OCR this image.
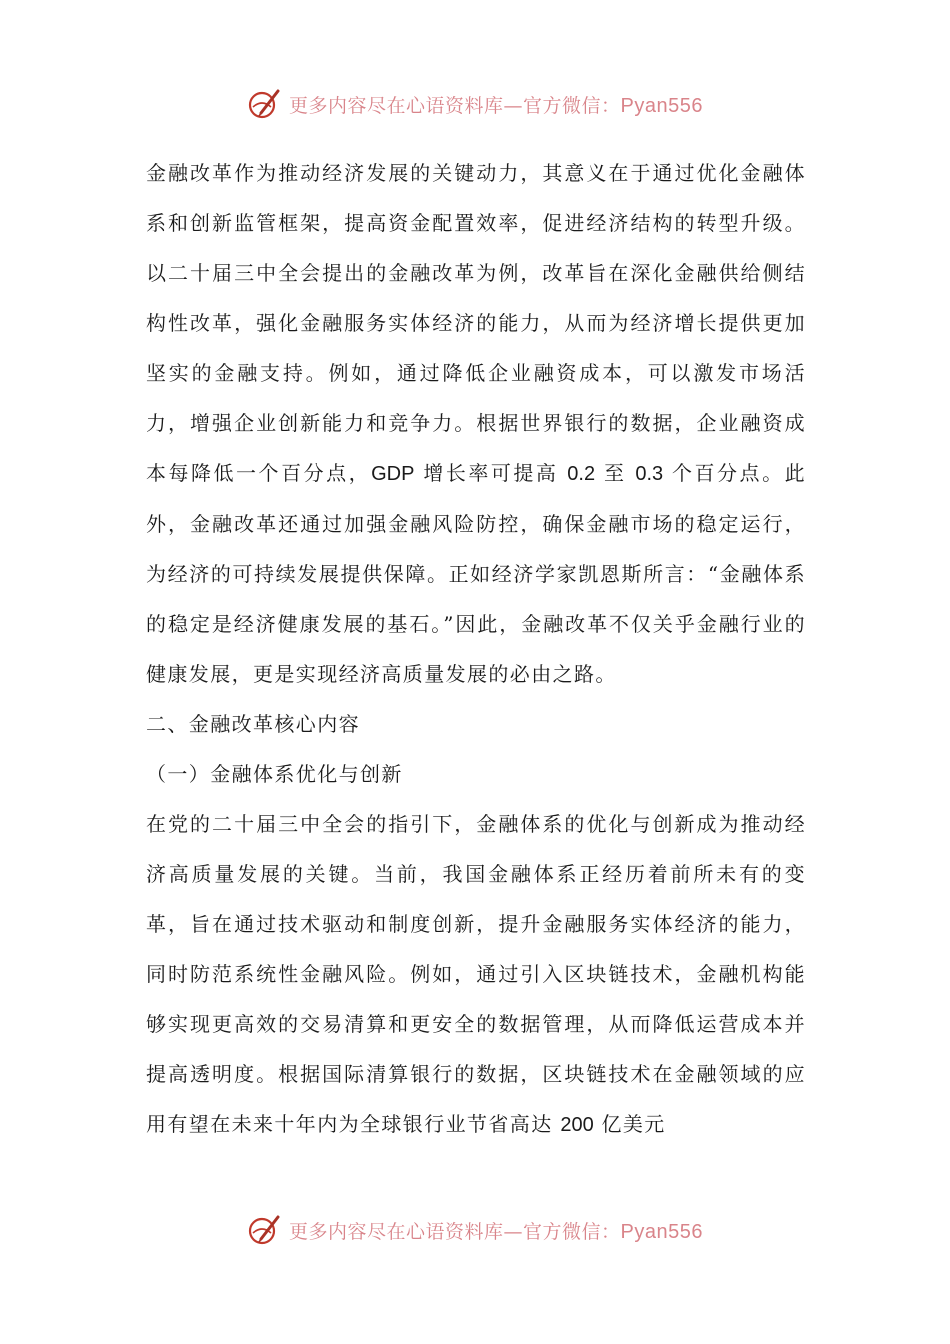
更多内容尽在心语资料库—官方微信：Pyan556

金融改革作为推动经济发展的关键动力，其意义在于通过优化金融体系和创新监管框架，提高资金配置效率，促进经济结构的转型升级。以二十届三中全会提出的金融改革为例，改革旨在深化金融供给侧结构性改革，强化金融服务实体经济的能力，从而为经济增长提供更加坚实的金融支持。例如，通过降低企业融资成本，可以激发市场活力，增强企业创新能力和竞争力。根据世界银行的数据，企业融资成本每降低一个百分点，GDP 增长率可提高 0.2 至 0.3 个百分点。此外，金融改革还通过加强金融风险防控，确保金融市场的稳定运行，为经济的可持续发展提供保障。正如经济学家凯恩斯所言：“金融体系的稳定是经济健康发展的基石。”因此，金融改革不仅关乎金融行业的健康发展，更是实现经济高质量发展的必由之路。

二、金融改革核心内容

（一）金融体系优化与创新

在党的二十届三中全会的指引下，金融体系的优化与创新成为推动经济高质量发展的关键。当前，我国金融体系正经历着前所未有的变革，旨在通过技术驱动和制度创新，提升金融服务实体经济的能力，同时防范系统性金融风险。例如，通过引入区块链技术，金融机构能够实现更高效的交易清算和更安全的数据管理，从而降低运营成本并提高透明度。根据国际清算银行的数据，区块链技术在金融领域的应用有望在未来十年内为全球银行业节省高达 200 亿美元

更多内容尽在心语资料库—官方微信：Pyan556
